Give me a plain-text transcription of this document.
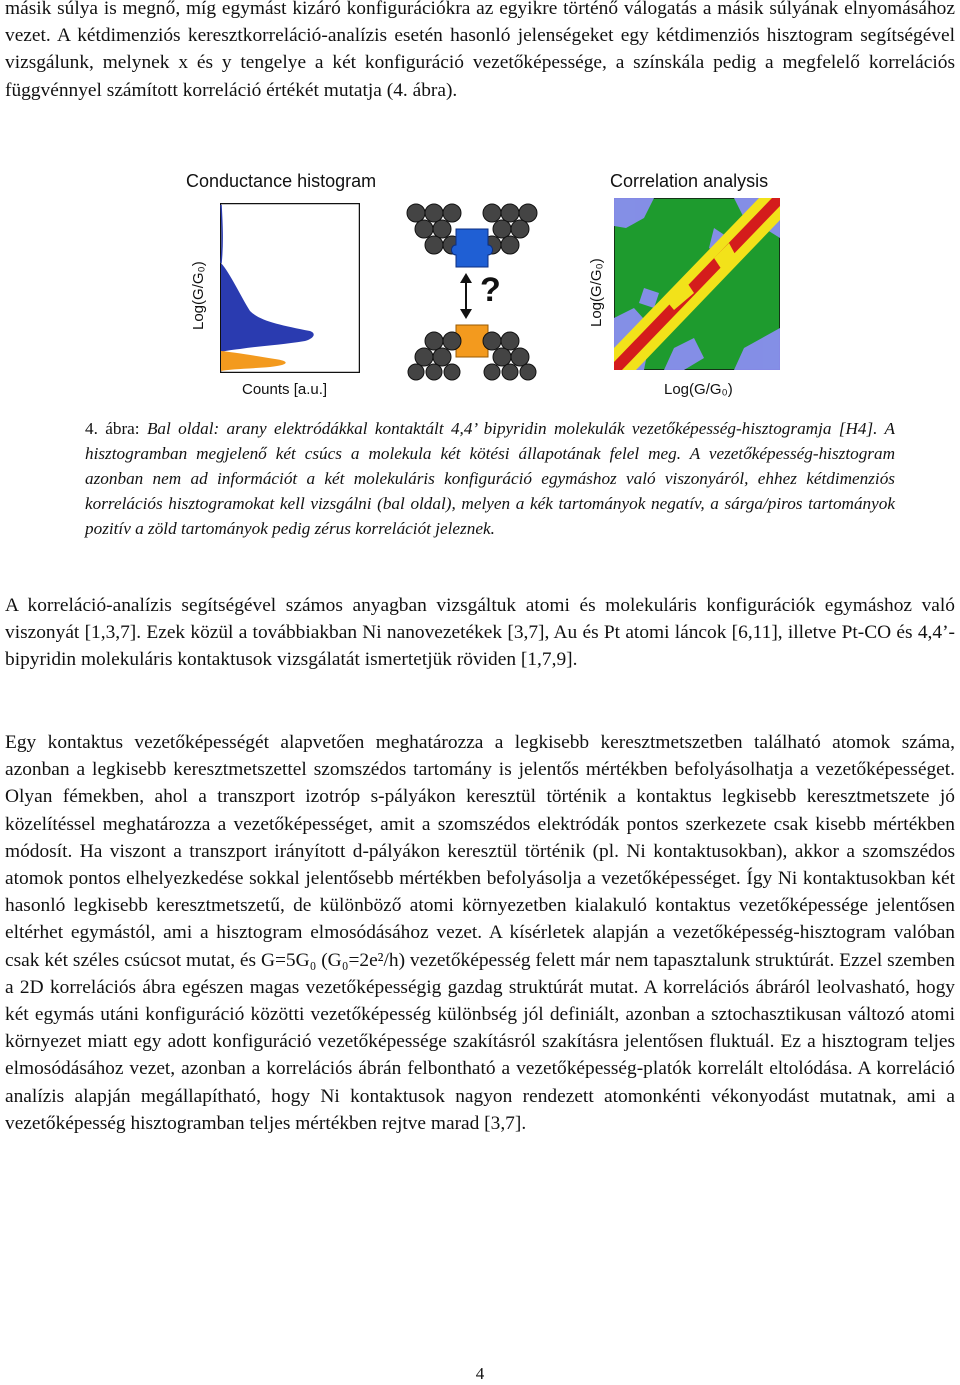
másik súlya is megnő, míg egymást kizáró konfigurációkra az egyikre történő válogatás a másik súlyának elnyomásához vezet. A kétdimenziós keresztkorreláció-analízis esetén hasonló jelenségeket egy kétdimenziós hisztogram segítségével vizsgálunk, melynek x és y tengelye a két konfiguráció vezetőképessége, a színskála pedig a megfelelő korrelációs függvénnyel számított korreláció értékét mutatja (4. ábra).

Conductance histogram	Correlation analysis
Log(G/G₀)
Counts [a.u.]
?	Log(G/G₀)
Log(G/G₀)

4. ábra: Bal oldal: arany elektródákkal kontaktált 4,4’ bipyridin molekulák vezetőképesség-hisztogramja [H4]. A hisztogramban megjelenő két csúcs a molekula két kötési állapotának felel meg. A vezetőképesség-hisztogram azonban nem ad információt a két molekuláris konfiguráció egymáshoz való viszonyáról, ehhez kétdimenziós korrelációs hisztogramokat kell vizsgálni (bal oldal), melyen a kék tartományok negatív, a sárga/piros tartományok pozitív a zöld tartományok pedig zérus korrelációt jeleznek.

A korreláció-analízis segítségével számos anyagban vizsgáltuk atomi és molekuláris konfigurációk egymáshoz való viszonyát [1,3,7]. Ezek közül a továbbiakban Ni nanovezetékek [3,7], Au és Pt atomi láncok [6,11], illetve Pt-CO és 4,4’-bipyridin molekuláris kontaktusok vizsgálatát ismertetjük röviden [1,7,9].

Egy kontaktus vezetőképességét alapvetően meghatározza a legkisebb keresztmetszetben található atomok száma, azonban a legkisebb keresztmetszettel szomszédos tartomány is jelentős mértékben befolyásolhatja a vezetőképességet. Olyan fémekben, ahol a transzport izotróp s-pályákon keresztül történik a kontaktus legkisebb keresztmetszete jó közelítéssel meghatározza a vezetőképességet, amit a szomszédos elektródák pontos szerkezete csak kisebb mértékben módosít. Ha viszont a transzport irányított d-pályákon keresztül történik (pl. Ni kontaktusokban), akkor a szomszédos atomok pontos elhelyezkedése sokkal jelentősebb mértékben befolyásolja a vezetőképességet. Így Ni kontaktusokban két hasonló legkisebb keresztmetszetű, de különböző atomi környezetben kialakuló kontaktus vezetőképessége jelentősen eltérhet egymástól, ami a hisztogram elmosódásához vezet. A kísérletek alapján a vezetőképesség-hisztogram valóban csak két széles csúcsot mutat, és G=5G₀ (G₀=2e²/h) vezetőképesség felett már nem tapasztalunk struktúrát. Ezzel szemben a 2D korrelációs ábra egészen magas vezetőképességig gazdag struktúrát mutat. A korrelációs ábráról leolvasható, hogy két egymás utáni konfiguráció közötti vezetőképesség különbség jól definiált, azonban a sztochasztikusan változó atomi környezet miatt egy adott konfiguráció vezetőképessége szakításról szakításra jelentősen fluktuál. Ez a hisztogram teljes elmosódásához vezet, azonban a korrelációs ábrán felbontható a vezetőképesség-platók korrelált eltolódása. A korreláció analízis alapján megállapítható, hogy Ni kontaktusok nagyon rendezett atomonkénti vékonyodást mutatnak, ami a vezetőképesség hisztogramban teljes mértékben rejtve marad [3,7].

4
